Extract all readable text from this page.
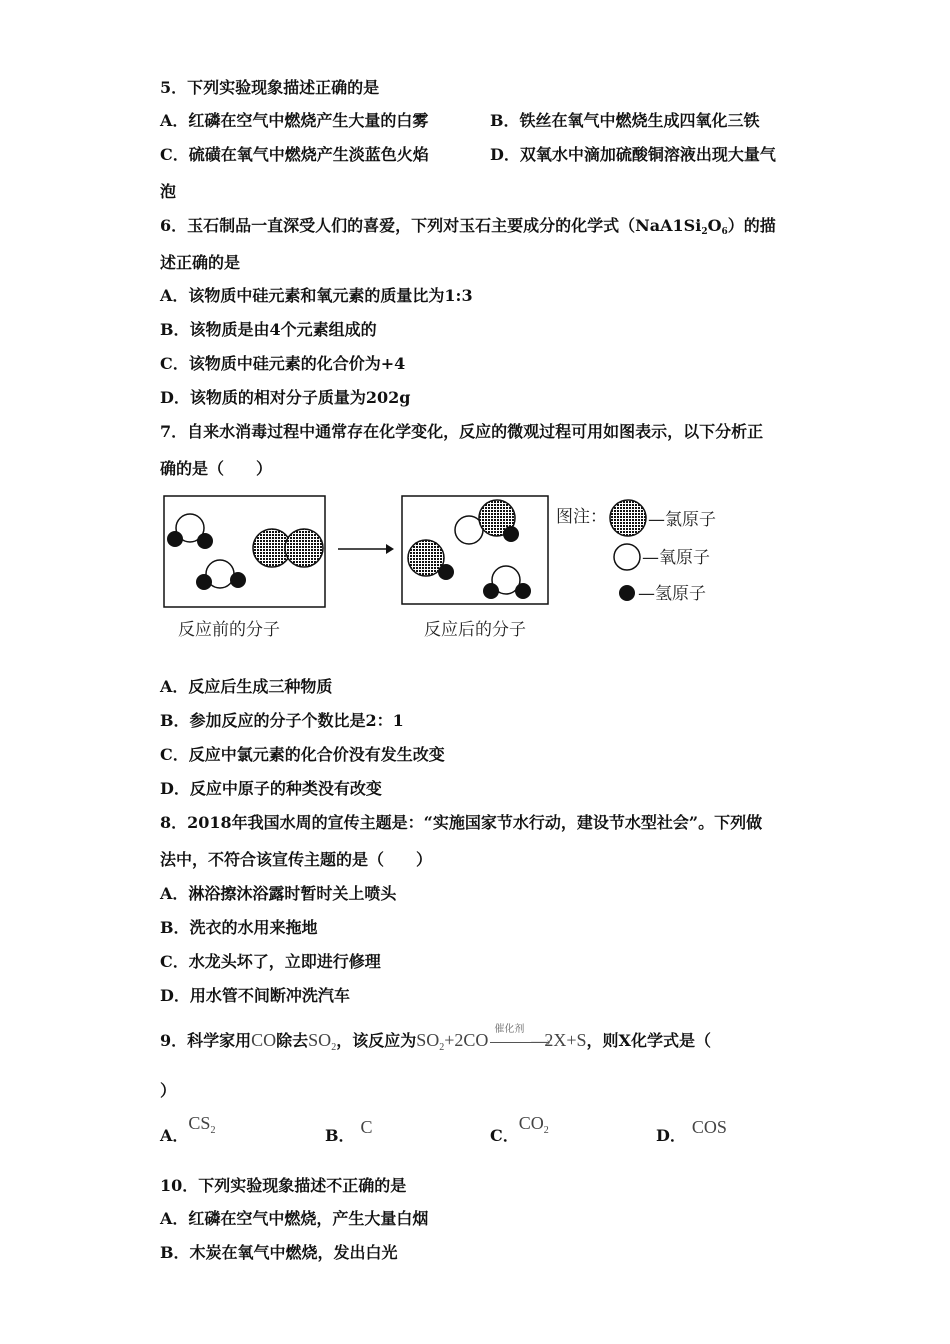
5．下列实验现象描述正确的是
A．红磷在空气中燃烧产生大量的白雾	B．铁丝在氧气中燃烧生成四氧化三铁
C．硫磺在氧气中燃烧产生淡蓝色火焰	D．双氧水中滴加硫酸铜溶液出现大量气
泡
6．玉石制品一直深受人们的喜爱，下列对玉石主要成分的化学式（NaA1Si2O6）的描
述正确的是
A．该物质中硅元素和氧元素的质量比为1:3
B．该物质是由4个元素组成的
C．该物质中硅元素的化合价为+4
D．该物质的相对分子质量为202g
7．自来水消毒过程中通常存在化学变化，反应的微观过程可用如图表示，以下分析正
确的是（　　）
反应前的分子	反应后的分子
图注： —氯原子
—氧原子
—氢原子
A．反应后生成三种物质
B．参加反应的分子个数比是2：1
C．反应中氯元素的化合价没有发生改变
D．反应中原子的种类没有改变
8．2018年我国水周的宣传主题是：“实施国家节水行动，建设节水型社会”。下列做
法中，不符合该宣传主题的是（　　）
A．淋浴擦沐浴露时暂时关上喷头
B．洗衣的水用来拖地
C．水龙头坏了，立即进行修理
D．用水管不间断冲洗汽车
9．科学家用CO除去$SO_2$，该反应为$SO_2+2CO$
催化剂
⟶
2X+S，则X化学式是（
）
A．$CS_2$	B． C	C．$CO_2$	D． COS
10．下列实验现象描述不正确的是
A．红磷在空气中燃烧，产生大量白烟
B．木炭在氧气中燃烧，发出白光
